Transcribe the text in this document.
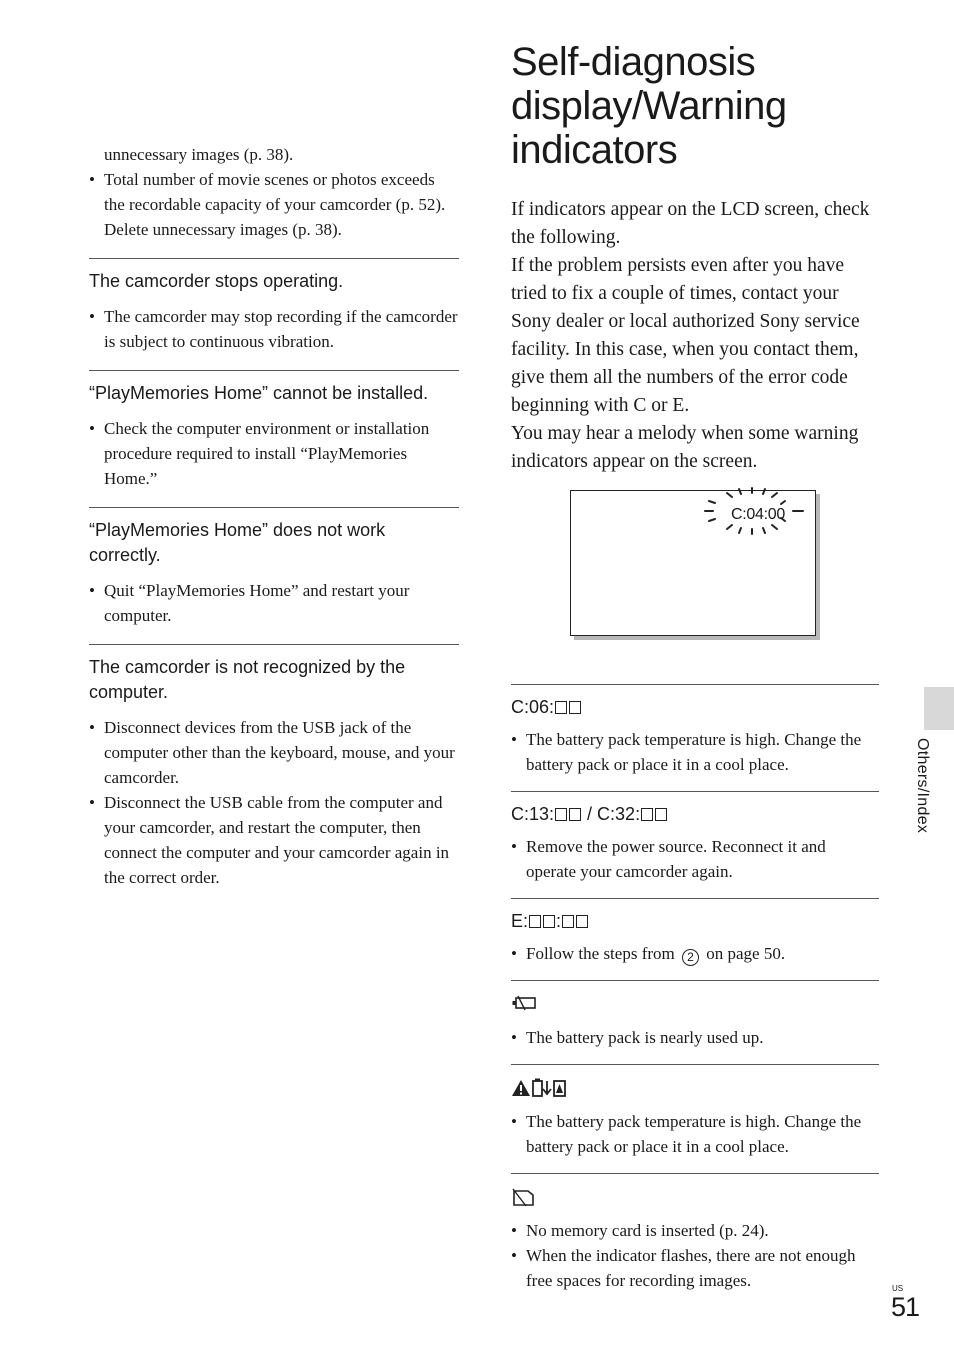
unnecessary images (p. 38).
• Total number of movie scenes or photos exceeds the recordable capacity of your camcorder (p. 52). Delete unnecessary images (p. 38).
The camcorder stops operating.
• The camcorder may stop recording if the camcorder is subject to continuous vibration.
“PlayMemories Home” cannot be installed.
• Check the computer environment or installation procedure required to install “PlayMemories Home.”
“PlayMemories Home” does not work correctly.
• Quit “PlayMemories Home” and restart your computer.
The camcorder is not recognized by the computer.
• Disconnect devices from the USB jack of the computer other than the keyboard, mouse, and your camcorder.
• Disconnect the USB cable from the computer and your camcorder, and restart the computer, then connect the computer and your camcorder again in the correct order.
Self-diagnosis
display/Warning
indicators

If indicators appear on the LCD screen, check the following.

If the problem persists even after you have tried to fix a couple of times, contact your Sony dealer or local authorized Sony service facility. In this case, when you contact them, give them all the numbers of the error code beginning with C or E.

You may hear a melody when some warning indicators appear on the screen.

C:04:00
C:06:
• The battery pack temperature is high. Change the battery pack or place it in a cool place.
C:13: / C:32:
• Remove the power source. Reconnect it and operate your camcorder again.
E: :
• Follow the steps from 2 on page 50.
• The battery pack is nearly used up.
• The battery pack temperature is high. Change the battery pack or place it in a cool place.
• No memory card is inserted (p. 24).
• When the indicator flashes, there are not enough free spaces for recording images.
Others/Index
US
51
